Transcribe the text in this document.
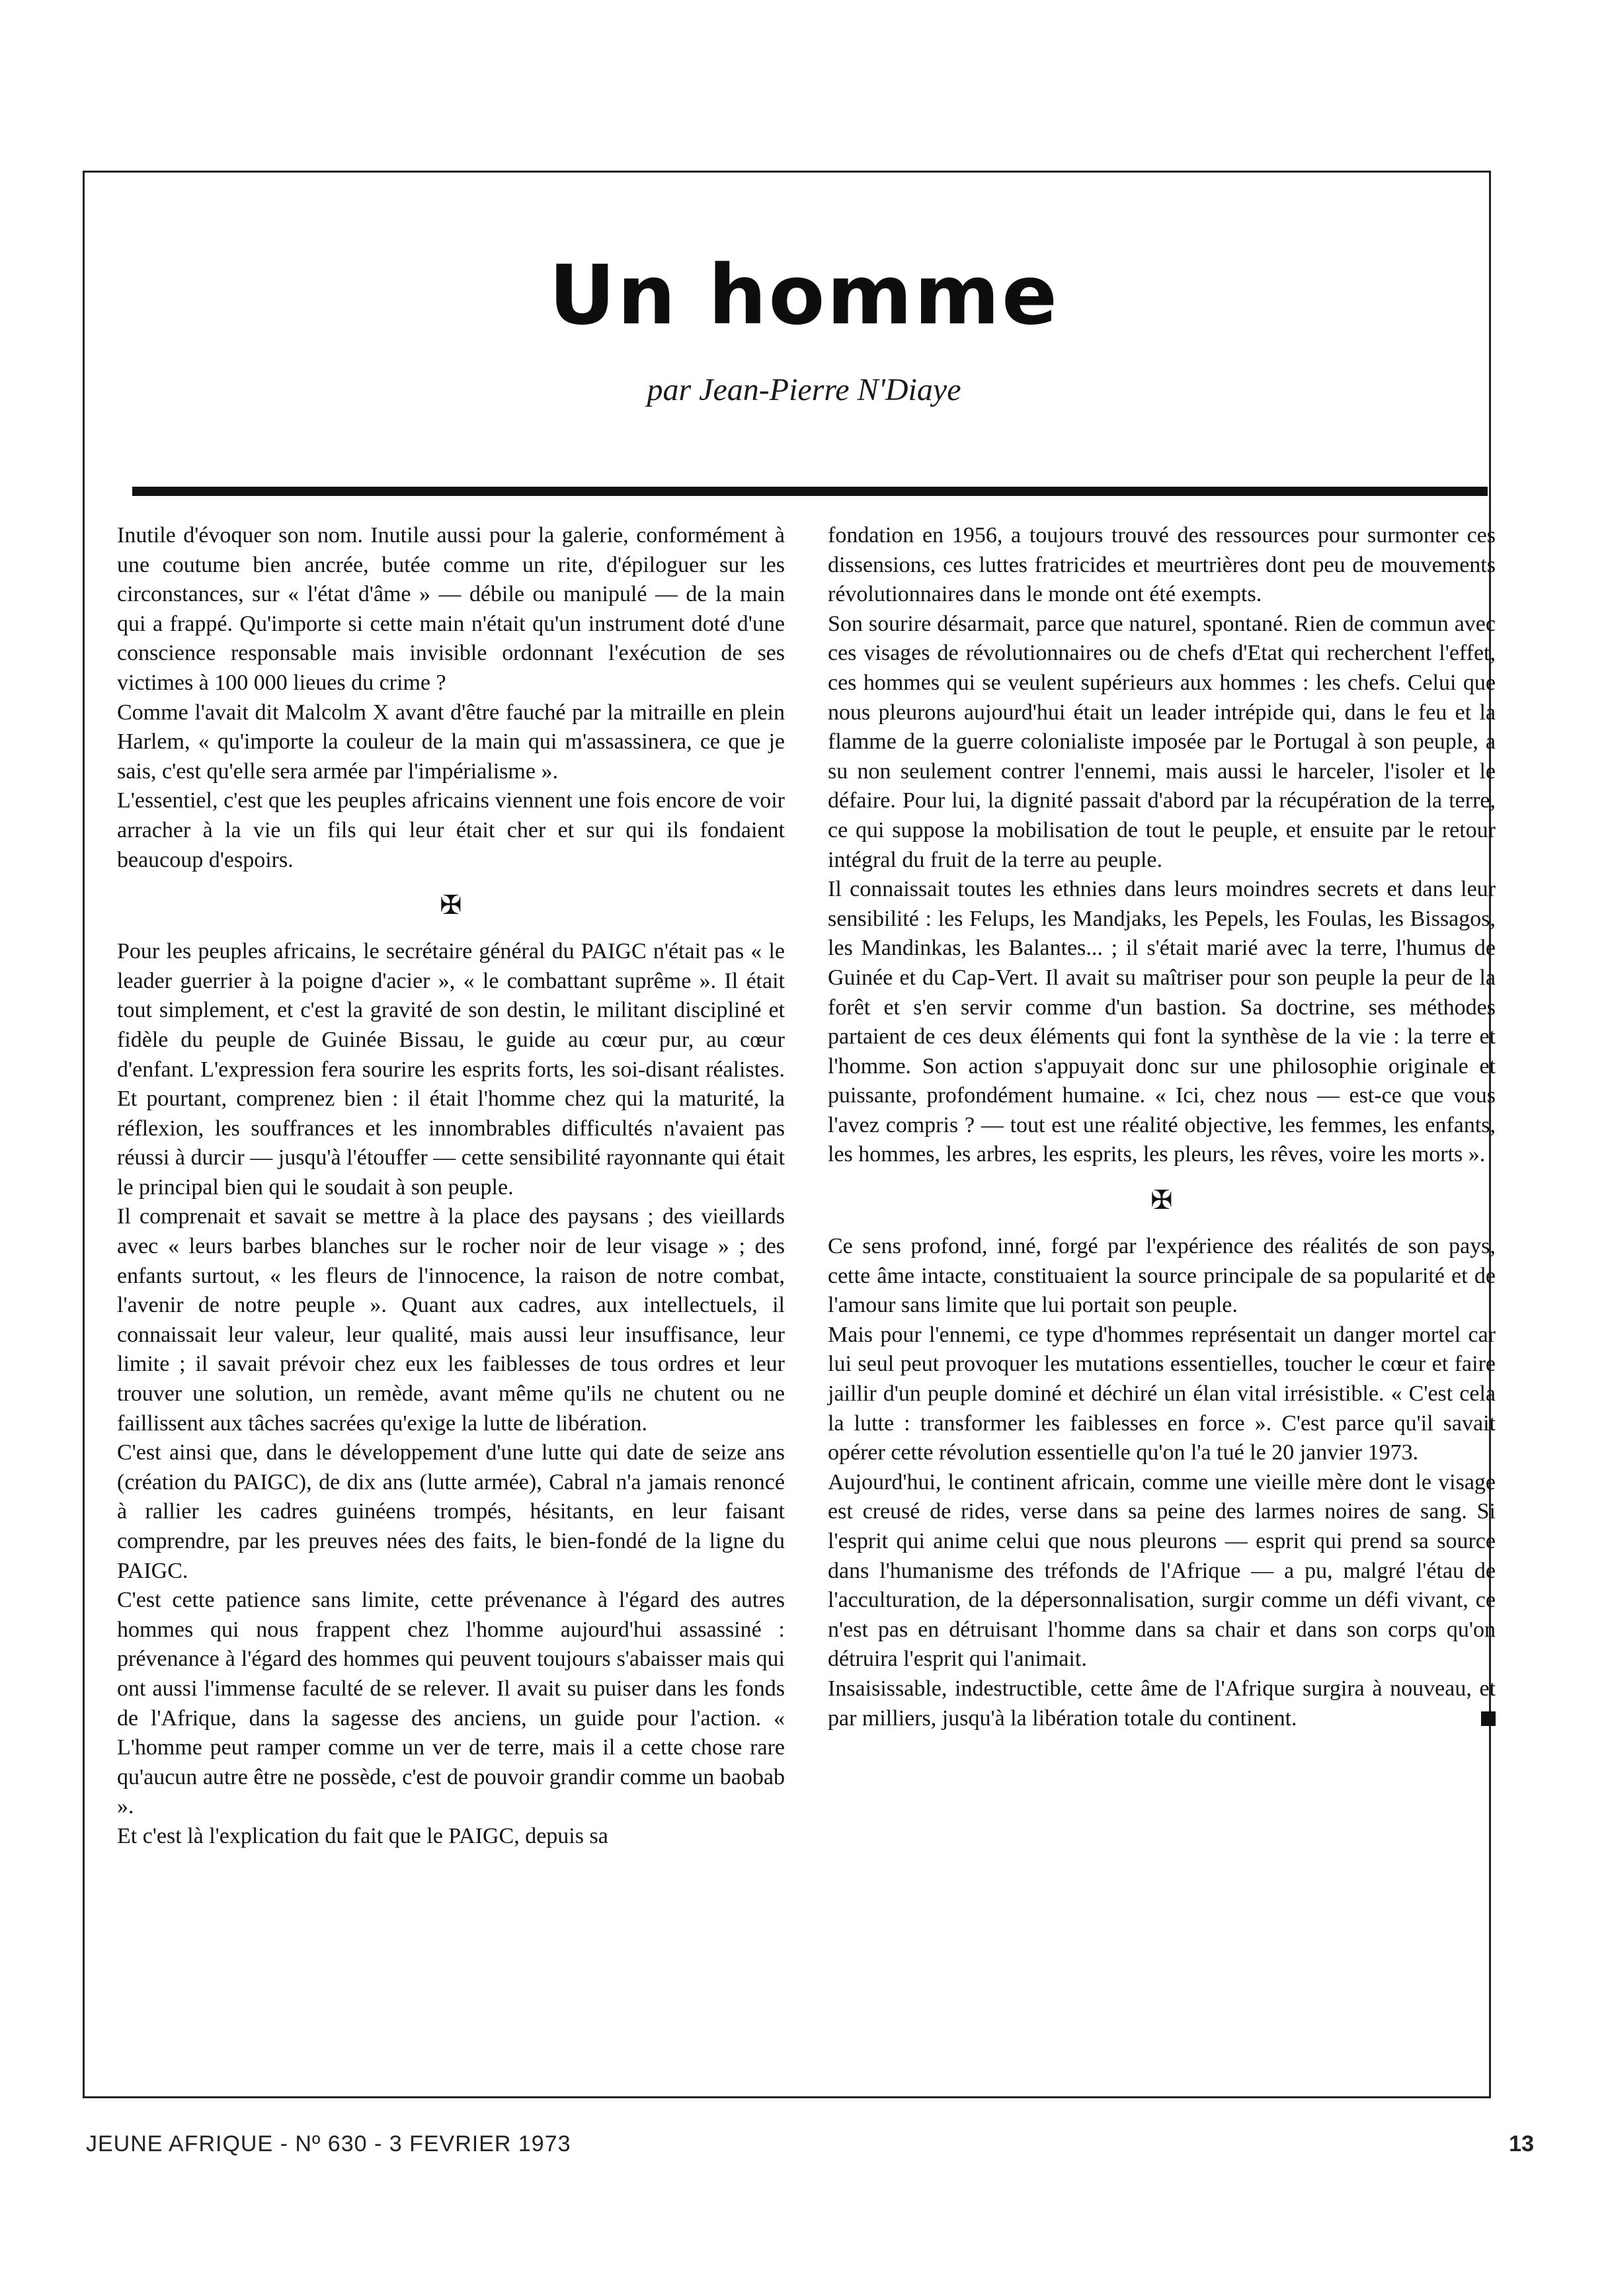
Un homme
par Jean-Pierre N'Diaye

Inutile d'évoquer son nom. Inutile aussi pour la galerie, conformément à une coutume bien ancrée, butée comme un rite, d'épiloguer sur les circonstances, sur « l'état d'âme » — débile ou manipulé — de la main qui a frappé. Qu'importe si cette main n'était qu'un instrument doté d'une conscience responsable mais invisible ordonnant l'exécution de ses victimes à 100 000 lieues du crime ?

Comme l'avait dit Malcolm X avant d'être fauché par la mitraille en plein Harlem, « qu'importe la couleur de la main qui m'assassinera, ce que je sais, c'est qu'elle sera armée par l'impérialisme ».

L'essentiel, c'est que les peuples africains viennent une fois encore de voir arracher à la vie un fils qui leur était cher et sur qui ils fondaient beaucoup d'espoirs.

✠

Pour les peuples africains, le secrétaire général du PAIGC n'était pas « le leader guerrier à la poigne d'acier », « le combattant suprême ». Il était tout simplement, et c'est la gravité de son destin, le militant discipliné et fidèle du peuple de Guinée Bissau, le guide au cœur pur, au cœur d'enfant. L'expression fera sourire les esprits forts, les soi-disant réalistes. Et pourtant, comprenez bien : il était l'homme chez qui la maturité, la réflexion, les souffrances et les innombrables difficultés n'avaient pas réussi à durcir — jusqu'à l'étouffer — cette sensibilité rayonnante qui était le principal bien qui le soudait à son peuple.

Il comprenait et savait se mettre à la place des paysans ; des vieillards avec « leurs barbes blanches sur le rocher noir de leur visage » ; des enfants surtout, « les fleurs de l'innocence, la raison de notre combat, l'avenir de notre peuple ». Quant aux cadres, aux intellectuels, il connaissait leur valeur, leur qualité, mais aussi leur insuffisance, leur limite ; il savait prévoir chez eux les faiblesses de tous ordres et leur trouver une solution, un remède, avant même qu'ils ne chutent ou ne faillissent aux tâches sacrées qu'exige la lutte de libération.

C'est ainsi que, dans le développement d'une lutte qui date de seize ans (création du PAIGC), de dix ans (lutte armée), Cabral n'a jamais renoncé à rallier les cadres guinéens trompés, hésitants, en leur faisant comprendre, par les preuves nées des faits, le bien-fondé de la ligne du PAIGC.

C'est cette patience sans limite, cette prévenance à l'égard des autres hommes qui nous frappent chez l'homme aujourd'hui assassiné : prévenance à l'égard des hommes qui peuvent toujours s'abaisser mais qui ont aussi l'immense faculté de se relever. Il avait su puiser dans les fonds de l'Afrique, dans la sagesse des anciens, un guide pour l'action. « L'homme peut ramper comme un ver de terre, mais il a cette chose rare qu'aucun autre être ne possède, c'est de pouvoir grandir comme un baobab ».

Et c'est là l'explication du fait que le PAIGC, depuis sa

fondation en 1956, a toujours trouvé des ressources pour surmonter ces dissensions, ces luttes fratricides et meurtrières dont peu de mouvements révolutionnaires dans le monde ont été exempts.

Son sourire désarmait, parce que naturel, spontané. Rien de commun avec ces visages de révolutionnaires ou de chefs d'Etat qui recherchent l'effet, ces hommes qui se veulent supérieurs aux hommes : les chefs. Celui que nous pleurons aujourd'hui était un leader intrépide qui, dans le feu et la flamme de la guerre colonialiste imposée par le Portugal à son peuple, a su non seulement contrer l'ennemi, mais aussi le harceler, l'isoler et le défaire. Pour lui, la dignité passait d'abord par la récupération de la terre, ce qui suppose la mobilisation de tout le peuple, et ensuite par le retour intégral du fruit de la terre au peuple.

Il connaissait toutes les ethnies dans leurs moindres secrets et dans leur sensibilité : les Felups, les Mandjaks, les Pepels, les Foulas, les Bissagos, les Mandinkas, les Balantes... ; il s'était marié avec la terre, l'humus de Guinée et du Cap-Vert. Il avait su maîtriser pour son peuple la peur de la forêt et s'en servir comme d'un bastion. Sa doctrine, ses méthodes partaient de ces deux éléments qui font la synthèse de la vie : la terre et l'homme. Son action s'appuyait donc sur une philosophie originale et puissante, profondément humaine. « Ici, chez nous — est-ce que vous l'avez compris ? — tout est une réalité objective, les femmes, les enfants, les hommes, les arbres, les esprits, les pleurs, les rêves, voire les morts ».

✠

Ce sens profond, inné, forgé par l'expérience des réalités de son pays, cette âme intacte, constituaient la source principale de sa popularité et de l'amour sans limite que lui portait son peuple.

Mais pour l'ennemi, ce type d'hommes représentait un danger mortel car lui seul peut provoquer les mutations essentielles, toucher le cœur et faire jaillir d'un peuple dominé et déchiré un élan vital irrésistible. « C'est cela la lutte : transformer les faiblesses en force ». C'est parce qu'il savait opérer cette révolution essentielle qu'on l'a tué le 20 janvier 1973.

Aujourd'hui, le continent africain, comme une vieille mère dont le visage est creusé de rides, verse dans sa peine des larmes noires de sang. Si l'esprit qui anime celui que nous pleurons — esprit qui prend sa source dans l'humanisme des tréfonds de l'Afrique — a pu, malgré l'étau de l'acculturation, de la dépersonnalisation, surgir comme un défi vivant, ce n'est pas en détruisant l'homme dans sa chair et dans son corps qu'on détruira l'esprit qui l'animait.

Insaisissable, indestructible, cette âme de l'Afrique surgira à nouveau, et par milliers, jusqu'à la libération totale du continent.

JEUNE AFRIQUE - Nº 630 - 3 FEVRIER 1973	13
